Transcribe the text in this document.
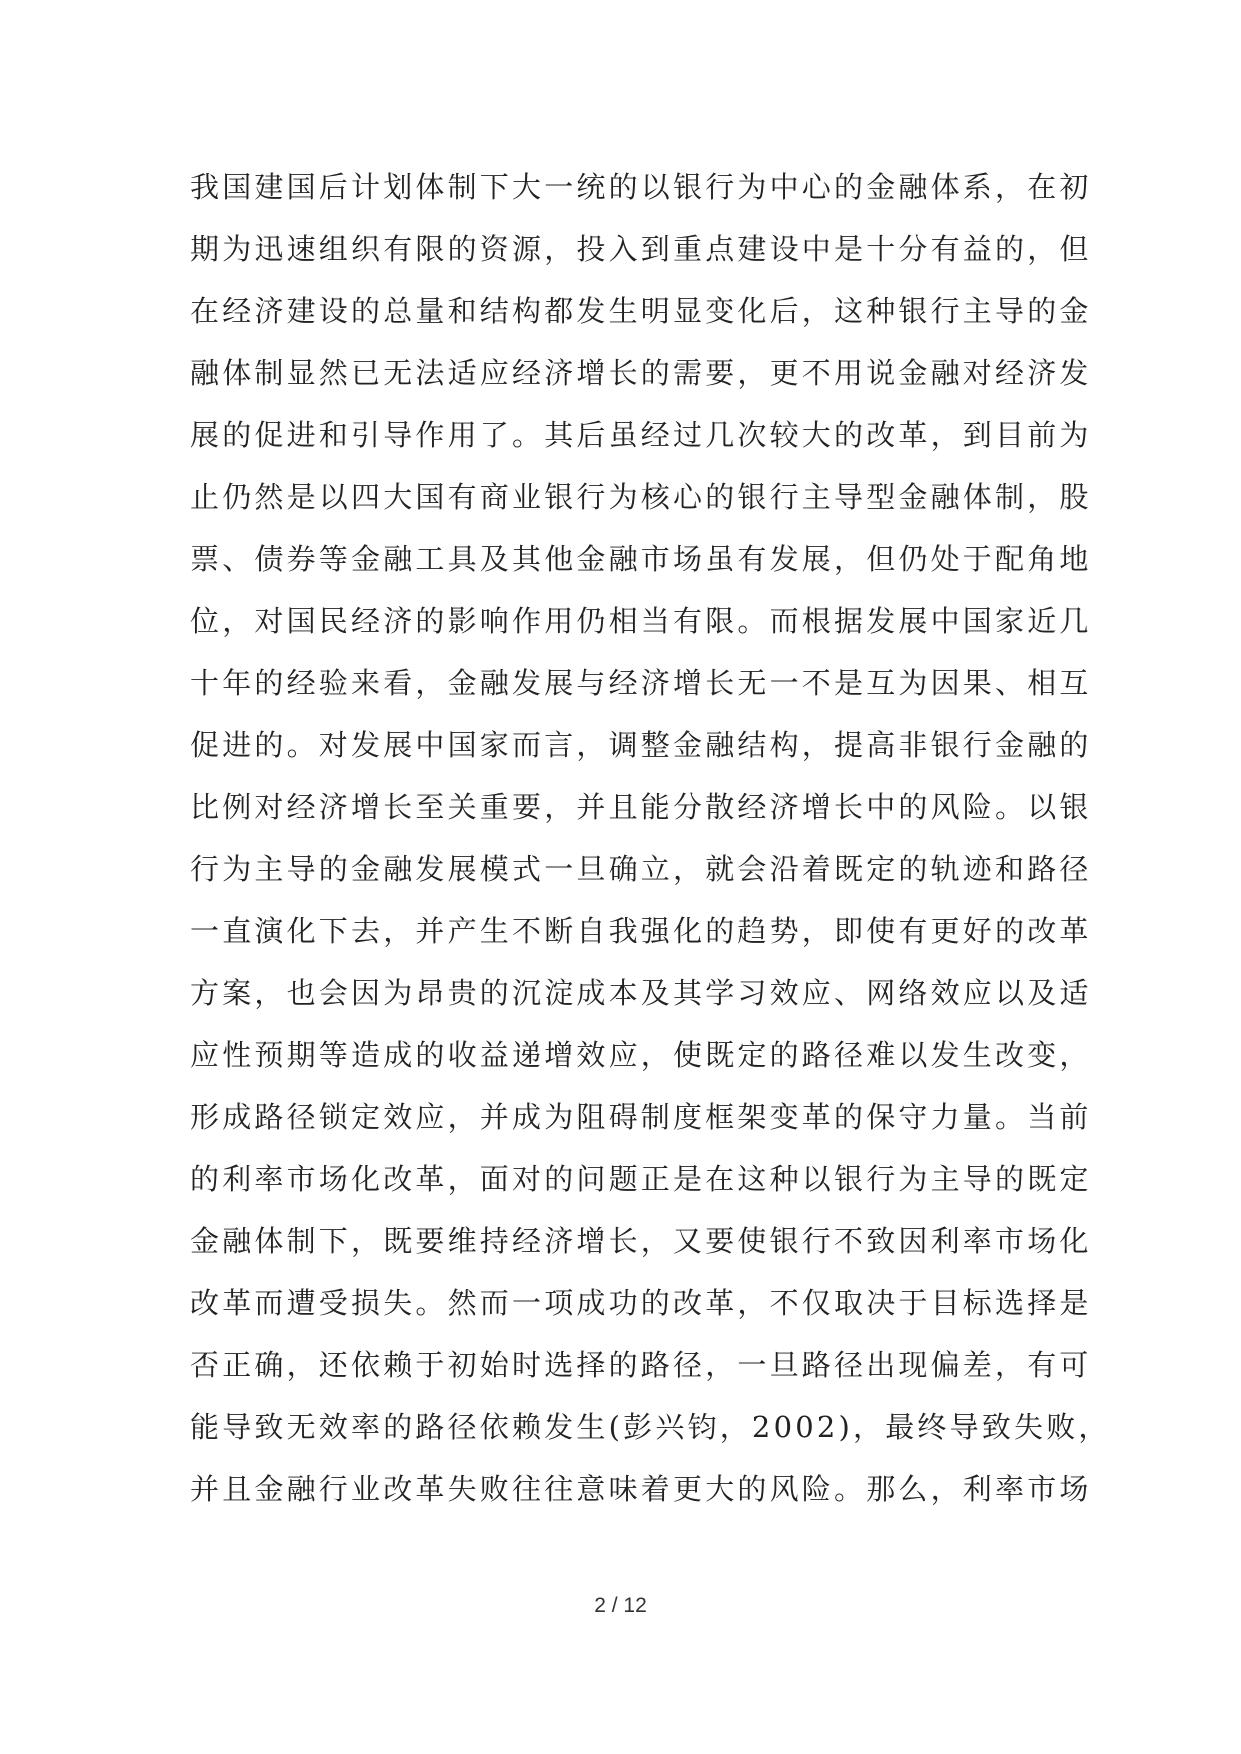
我国建国后计划体制下大一统的以银行为中心的金融体系，在初
期为迅速组织有限的资源，投入到重点建设中是十分有益的，但
在经济建设的总量和结构都发生明显变化后，这种银行主导的金
融体制显然已无法适应经济增长的需要，更不用说金融对经济发
展的促进和引导作用了。其后虽经过几次较大的改革，到目前为
止仍然是以四大国有商业银行为核心的银行主导型金融体制，股
票、债券等金融工具及其他金融市场虽有发展，但仍处于配角地
位，对国民经济的影响作用仍相当有限。而根据发展中国家近几
十年的经验来看，金融发展与经济增长无一不是互为因果、相互
促进的。对发展中国家而言，调整金融结构，提高非银行金融的
比例对经济增长至关重要，并且能分散经济增长中的风险。以银
行为主导的金融发展模式一旦确立，就会沿着既定的轨迹和路径
一直演化下去，并产生不断自我强化的趋势，即使有更好的改革
方案，也会因为昂贵的沉淀成本及其学习效应、网络效应以及适
应性预期等造成的收益递增效应，使既定的路径难以发生改变，
形成路径锁定效应，并成为阻碍制度框架变革的保守力量。当前
的利率市场化改革，面对的问题正是在这种以银行为主导的既定
金融体制下，既要维持经济增长，又要使银行不致因利率市场化
改革而遭受损失。然而一项成功的改革，不仅取决于目标选择是
否正确，还依赖于初始时选择的路径，一旦路径出现偏差，有可
能导致无效率的路径依赖发生(彭兴钧，2002)，最终导致失败，
并且金融行业改革失败往往意味着更大的风险。那么，利率市场
2 / 12
